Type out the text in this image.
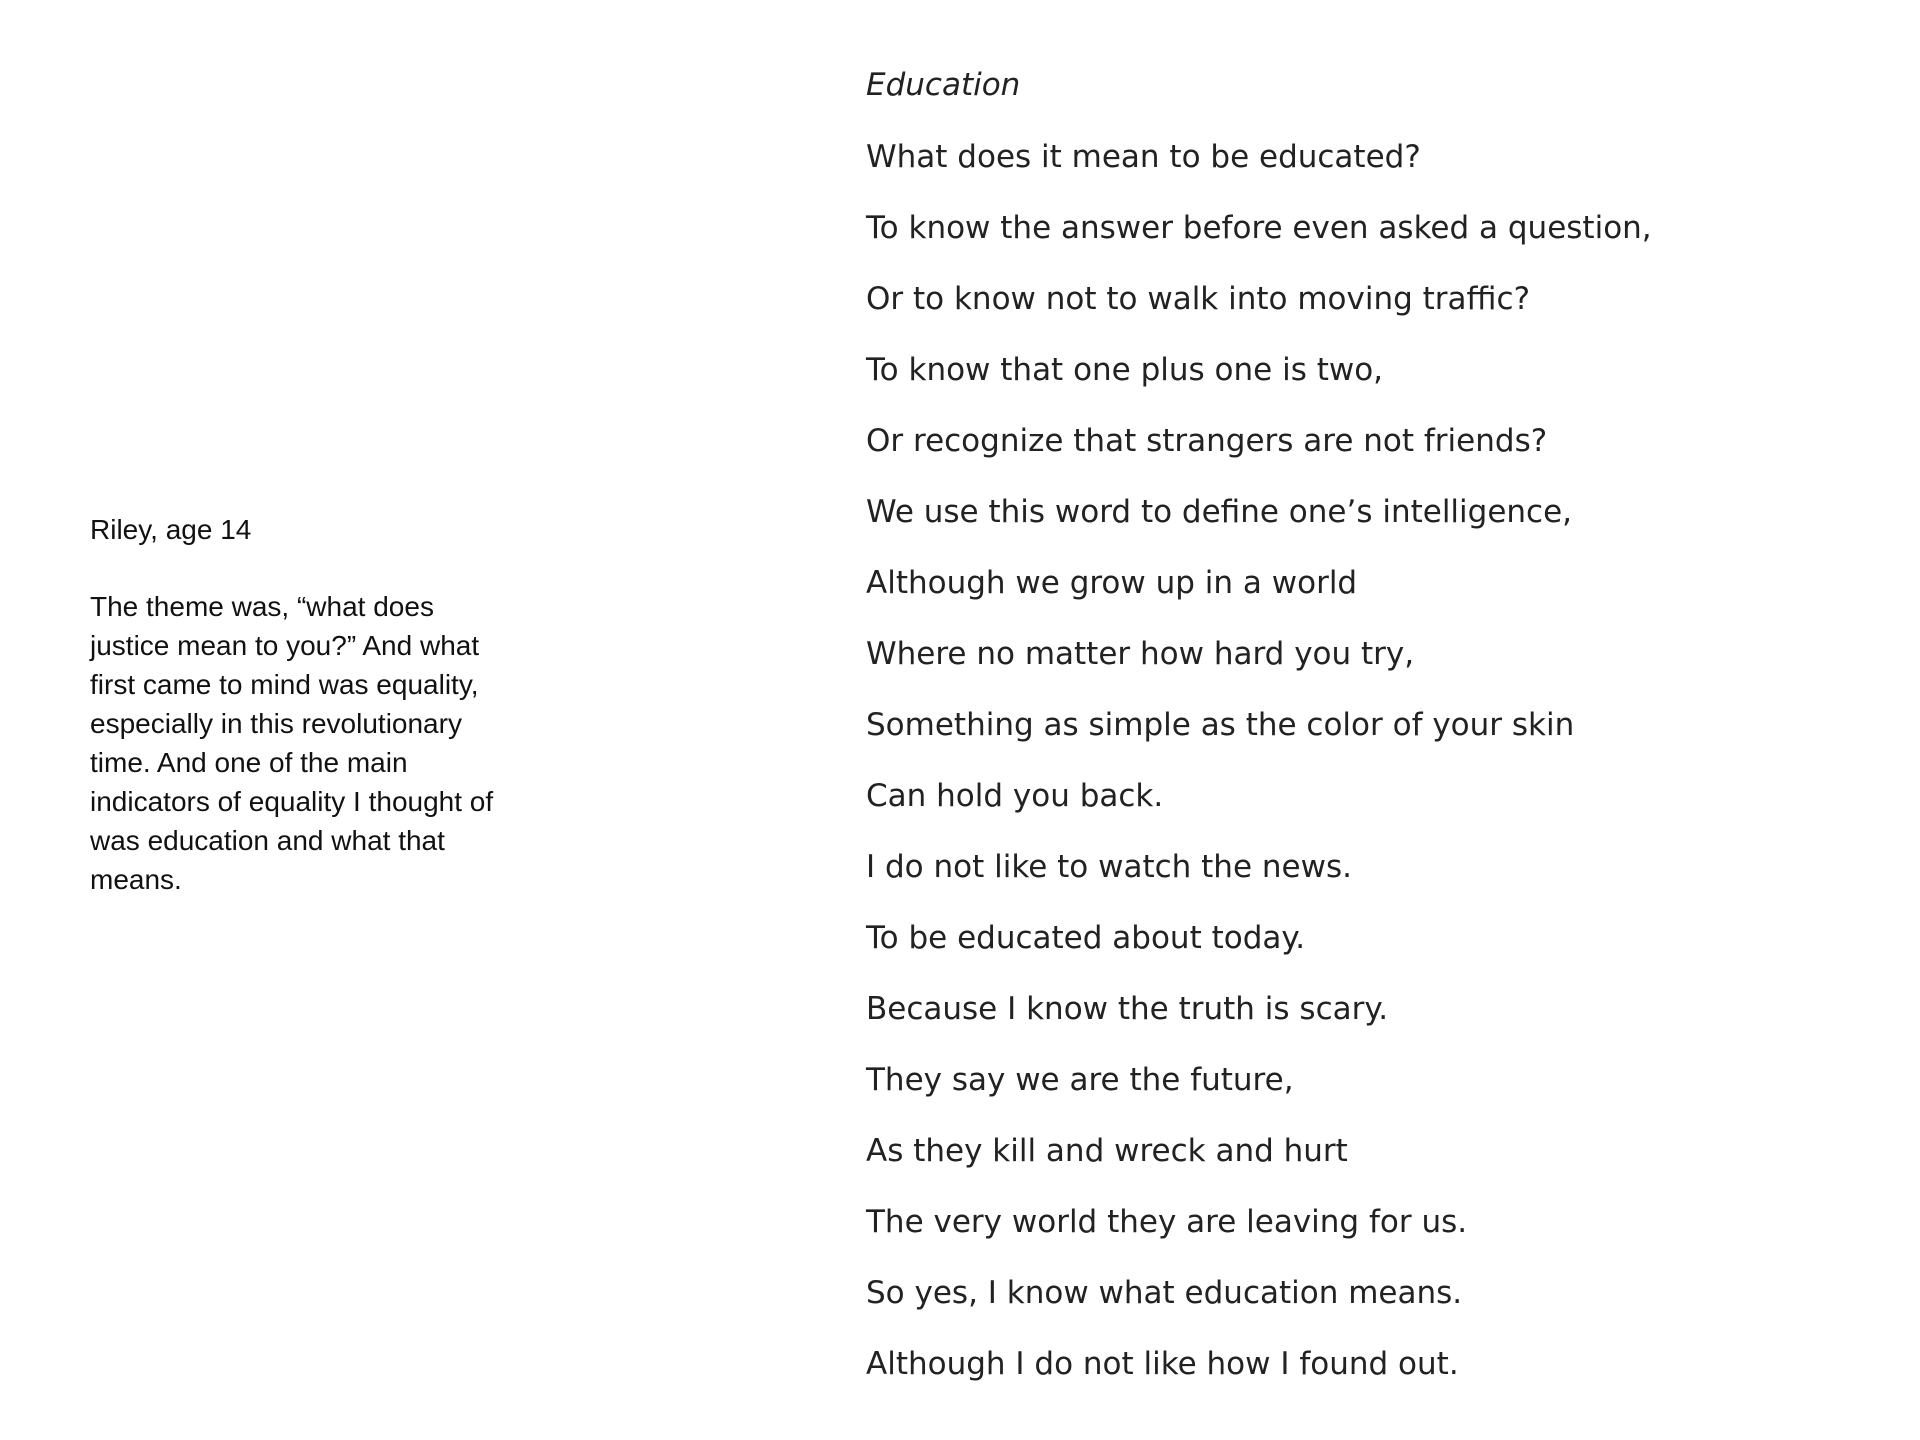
Riley, age 14

The theme was, “what does justice mean to you?” And what first came to mind was equality, especially in this revolutionary time. And one of the main indicators of equality I thought of was education and what that means.

Education
What does it mean to be educated?
To know the answer before even asked a question,
Or to know not to walk into moving traffic?
To know that one plus one is two,
Or recognize that strangers are not friends?
We use this word to define one’s intelligence,
Although we grow up in a world
Where no matter how hard you try,
Something as simple as the color of your skin
Can hold you back.
I do not like to watch the news.
To be educated about today.
Because I know the truth is scary.
They say we are the future,
As they kill and wreck and hurt
The very world they are leaving for us.
So yes, I know what education means.
Although I do not like how I found out.
